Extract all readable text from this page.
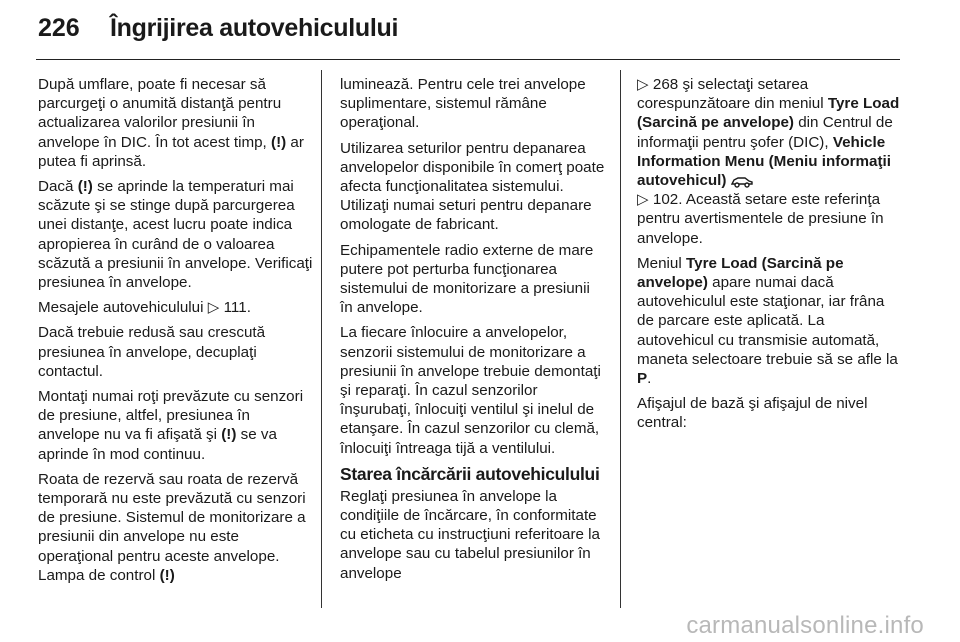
226 Îngrijirea autovehiculului

După umflare, poate fi necesar să parcurgeţi o anumită distanţă pentru actualizarea valorilor presiunii în anvelope în DIC. În tot acest timp, (!) ar putea fi aprinsă.

Dacă (!) se aprinde la temperaturi mai scăzute şi se stinge după parcurgerea unei distanţe, acest lucru poate indica apropierea în curând de o valoarea scăzută a presiunii în anvelope. Verificaţi presiunea în anvelope.

Mesajele autovehiculului ▷ 111.

Dacă trebuie redusă sau crescută presiunea în anvelope, decuplaţi contactul.

Montaţi numai roţi prevăzute cu senzori de presiune, altfel, presiunea în anvelope nu va fi afişată şi (!) se va aprinde în mod continuu.

Roata de rezervă sau roata de rezervă temporară nu este prevăzută cu senzori de presiune. Sistemul de monitorizare a presiunii din anvelope nu este operaţional pentru aceste anvelope. Lampa de control (!)

luminează. Pentru cele trei anvelope suplimentare, sistemul rămâne operaţional.

Utilizarea seturilor pentru depanarea anvelopelor disponibile în comerţ poate afecta funcţionalitatea sistemului. Utilizaţi numai seturi pentru depanare omologate de fabricant.

Echipamentele radio externe de mare putere pot perturba funcţionarea sistemului de monitorizare a presiunii în anvelope.

La fiecare înlocuire a anvelopelor, senzorii sistemului de monitorizare a presiunii în anvelope trebuie demontaţi şi reparaţi. În cazul senzorilor înşurubaţi, înlocuiţi ventilul şi inelul de etanşare. În cazul senzorilor cu clemă, înlocuiţi întreaga tijă a ventilului.

Starea încărcării autovehiculului

Reglaţi presiunea în anvelope la condiţiile de încărcare, în conformitate cu eticheta cu instrucţiuni referitoare la anvelope sau cu tabelul presiunilor în anvelope

▷ 268 şi selectaţi setarea corespunzătoare din meniul Tyre Load (Sarcină pe anvelope) din Centrul de informaţii pentru şofer (DIC), Vehicle Information Menu (Meniu informaţii autovehicul)
▷ 102. Această setare este referinţa pentru avertismentele de presiune în anvelope.

Meniul Tyre Load (Sarcină pe anvelope) apare numai dacă autovehiculul este staţionar, iar frâna de parcare este aplicată. La autovehicul cu transmisie automată, maneta selectoare trebuie să se afle la P.

Afişajul de bază şi afişajul de nivel central:

carmanualsonline.info
